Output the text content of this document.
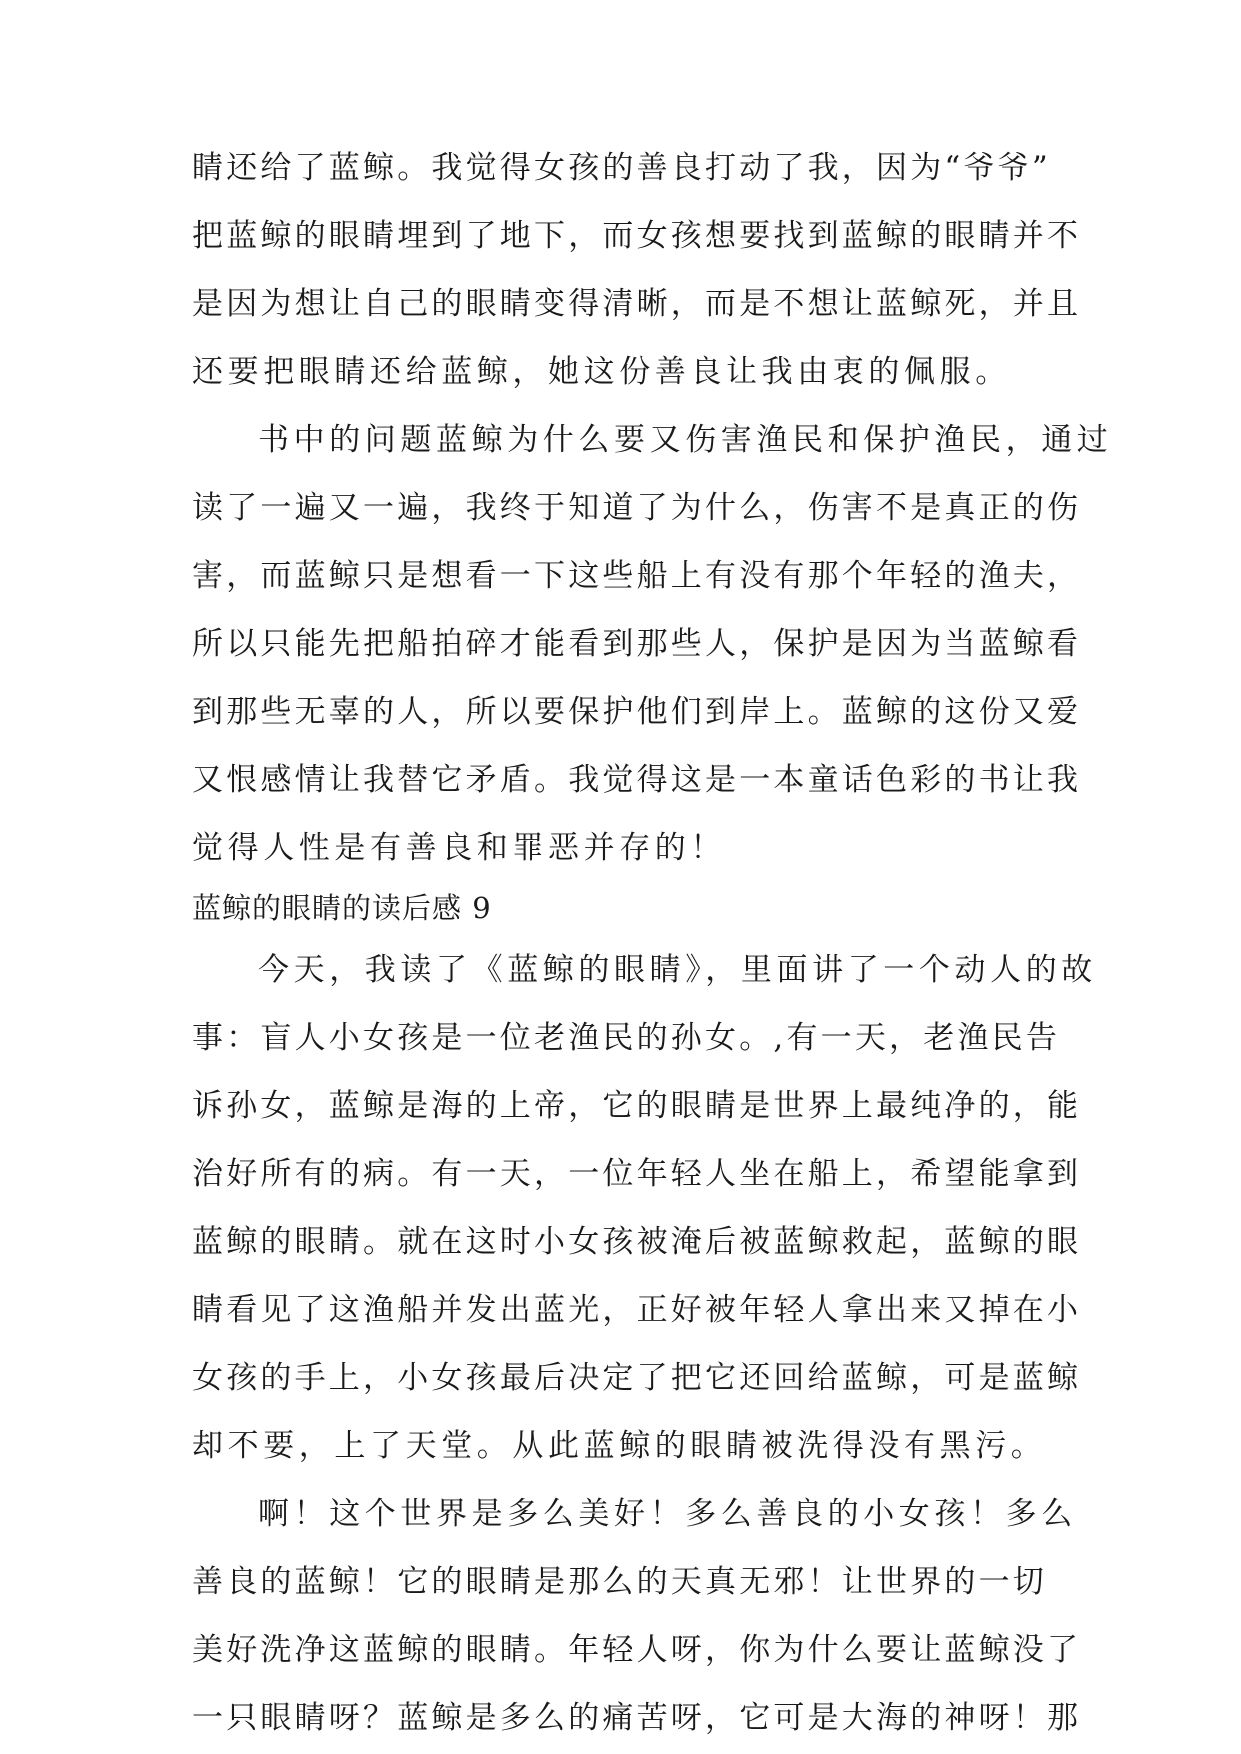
睛还给了蓝鲸。我觉得女孩的善良打动了我，因为“爷爷”
把蓝鲸的眼睛埋到了地下，而女孩想要找到蓝鲸的眼睛并不
是因为想让自己的眼睛变得清晰，而是不想让蓝鲸死，并且
还要把眼睛还给蓝鲸，她这份善良让我由衷的佩服。
书中的问题蓝鲸为什么要又伤害渔民和保护渔民，通过
读了一遍又一遍，我终于知道了为什么，伤害不是真正的伤
害，而蓝鲸只是想看一下这些船上有没有那个年轻的渔夫，
所以只能先把船拍碎才能看到那些人，保护是因为当蓝鲸看
到那些无辜的人，所以要保护他们到岸上。蓝鲸的这份又爱
又恨感情让我替它矛盾。我觉得这是一本童话色彩的书让我
觉得人性是有善良和罪恶并存的！
蓝鲸的眼睛的读后感 9
今天，我读了《蓝鲸的眼睛》，里面讲了一个动人的故
事：盲人小女孩是一位老渔民的孙女。,有一天，老渔民告
诉孙女，蓝鲸是海的上帝，它的眼睛是世界上最纯净的，能
治好所有的病。有一天，一位年轻人坐在船上，希望能拿到
蓝鲸的眼睛。就在这时小女孩被淹后被蓝鲸救起，蓝鲸的眼
睛看见了这渔船并发出蓝光，正好被年轻人拿出来又掉在小
女孩的手上，小女孩最后决定了把它还回给蓝鲸，可是蓝鲸
却不要，上了天堂。从此蓝鲸的眼睛被洗得没有黑污。
啊！这个世界是多么美好！多么善良的小女孩！多么
善良的蓝鲸！它的眼睛是那么的天真无邪！让世界的一切
美好洗净这蓝鲸的眼睛。年轻人呀，你为什么要让蓝鲸没了
一只眼睛呀？蓝鲸是多么的痛苦呀，它可是大海的神呀！那
